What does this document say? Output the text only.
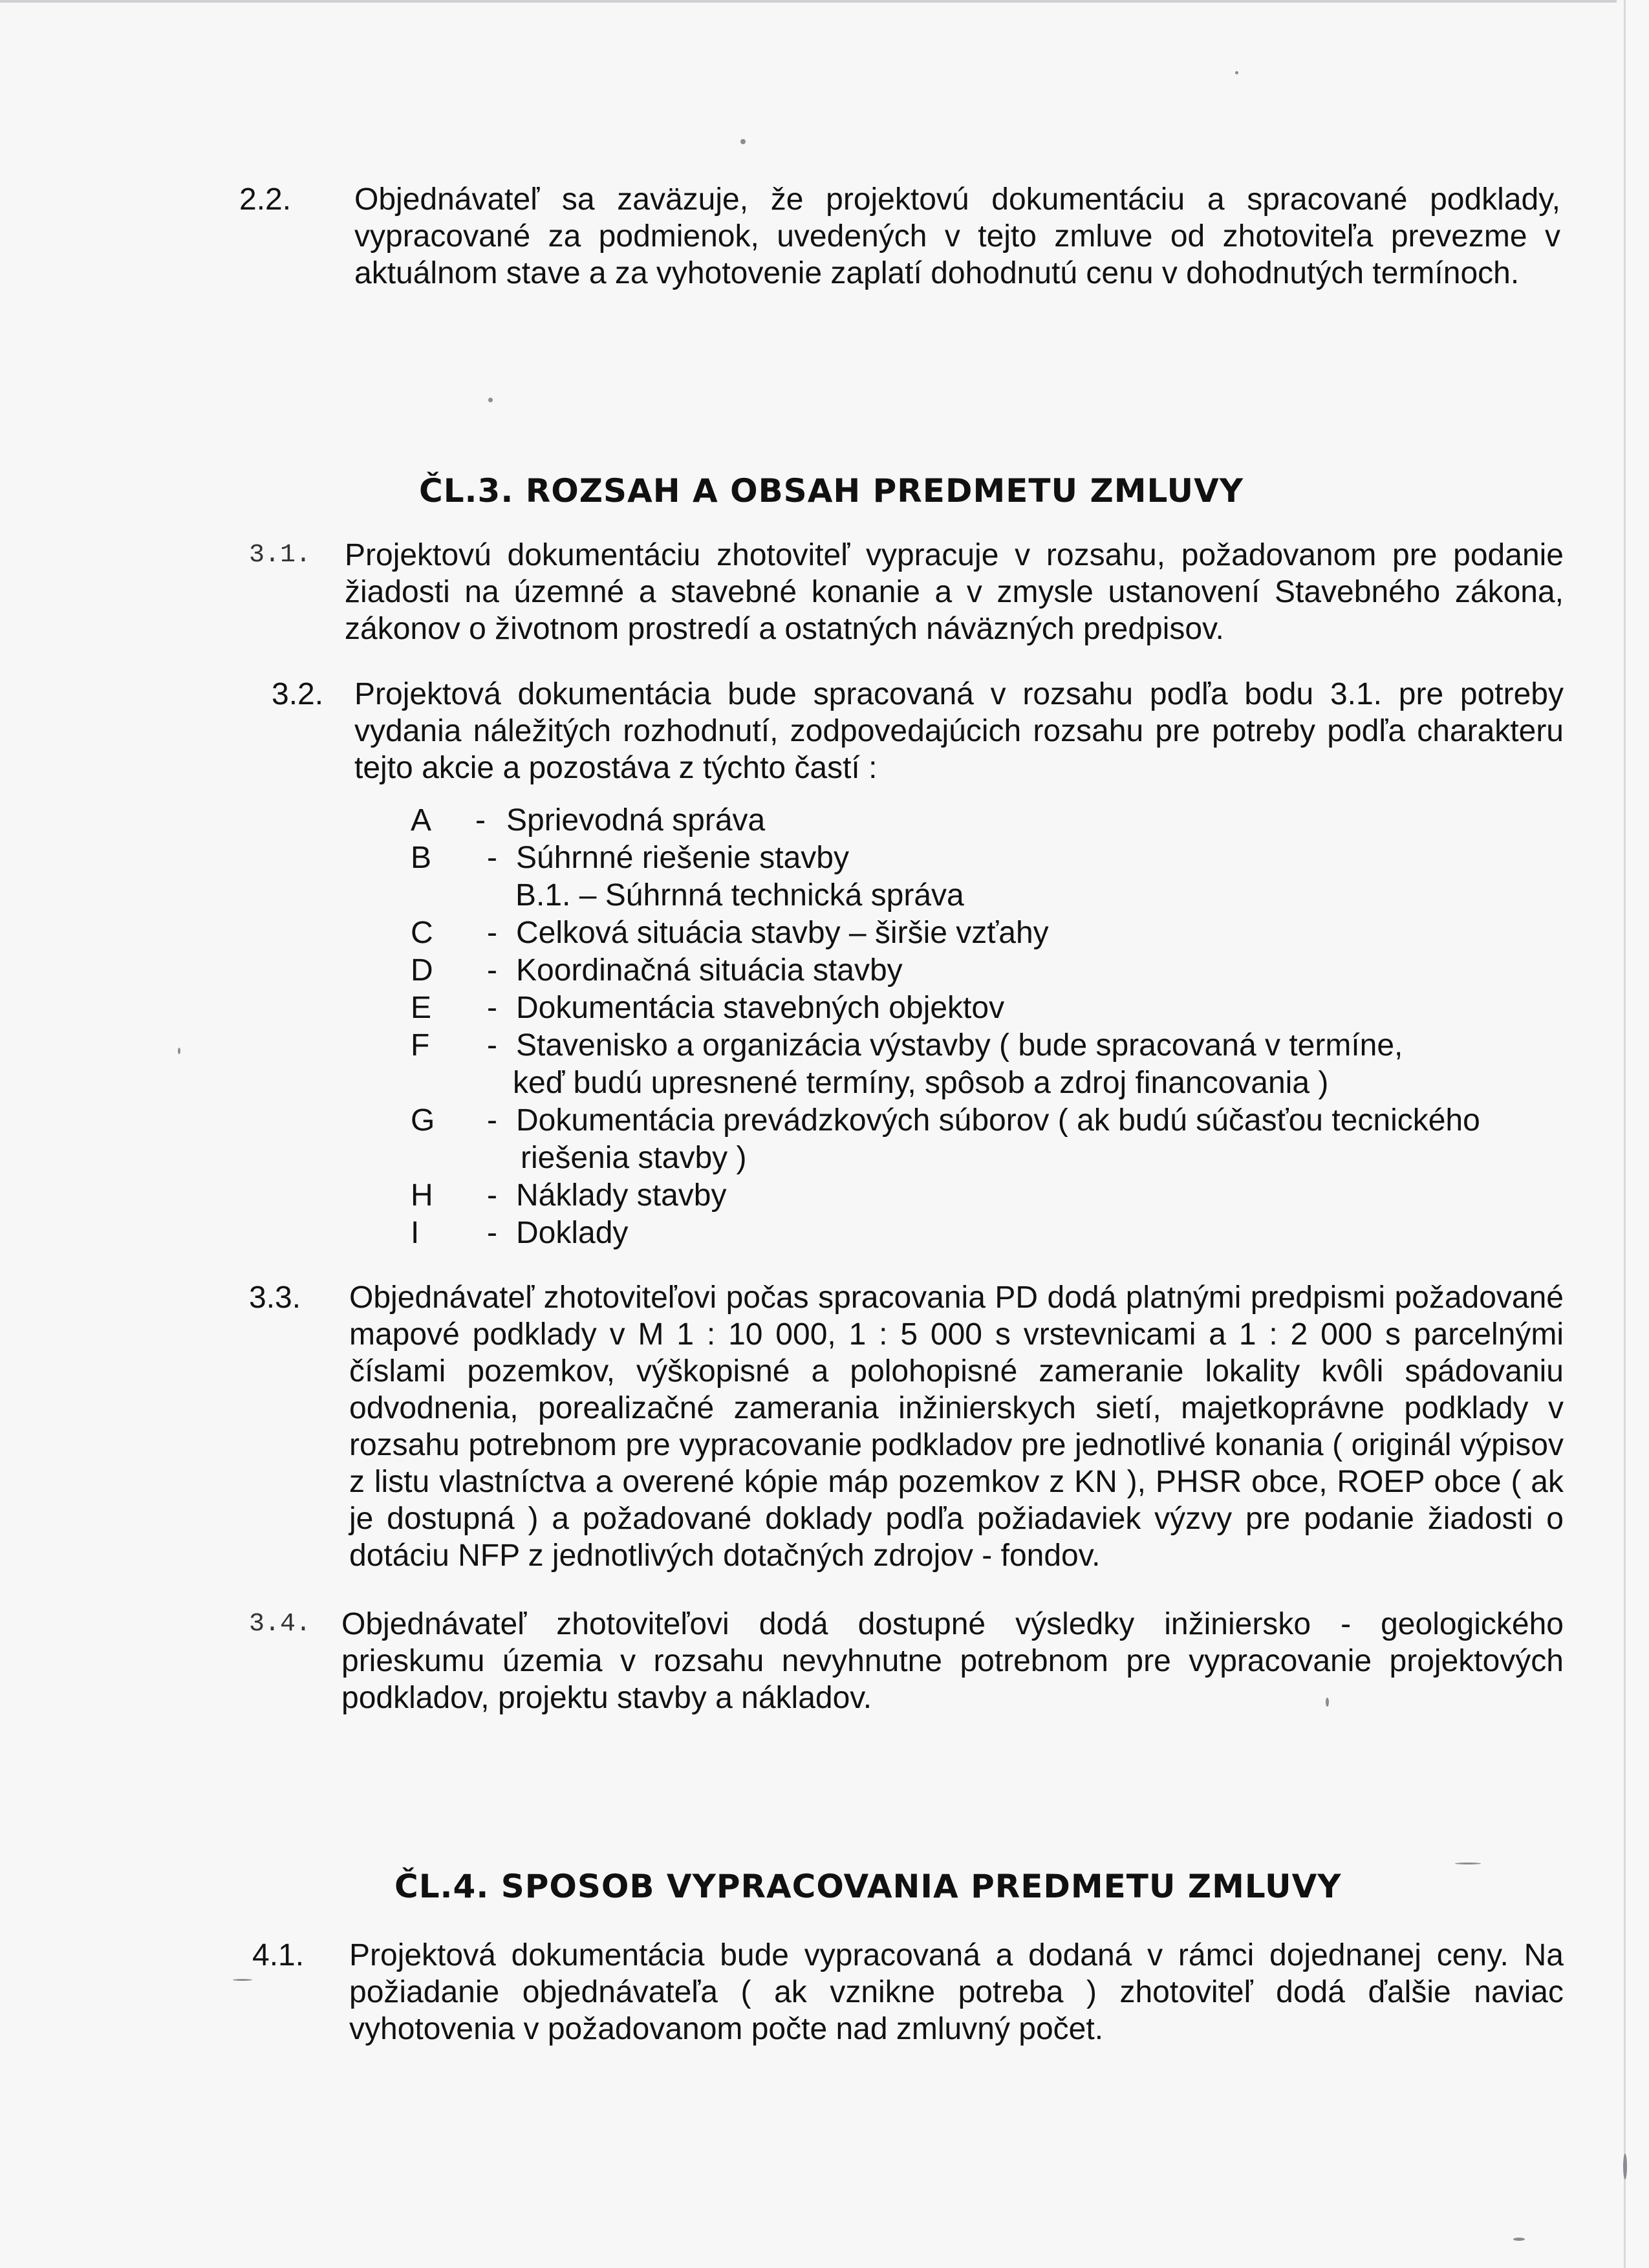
2.2. Objednávateľ sa zaväzuje, že projektovú dokumentáciu a spracované podklady, vypracované za podmienok, uvedených v tejto zmluve od zhotoviteľa prevezme v aktuálnom stave a za vyhotovenie zaplatí dohodnutú cenu v dohodnutých termínoch.
ČL.3. ROZSAH A OBSAH PREDMETU ZMLUVY
3.1. Projektovú dokumentáciu zhotoviteľ vypracuje v rozsahu, požadovanom pre podanie žiadosti na územné a stavebné konanie a v zmysle ustanovení Stavebného zákona, zákonov o životnom prostredí a ostatných náväzných predpisov.
3.2. Projektová dokumentácia bude spracovaná v rozsahu podľa bodu 3.1. pre potreby vydania náležitých rozhodnutí, zodpovedajúcich rozsahu pre potreby podľa charakteru tejto akcie a pozostáva z týchto častí :
A - Sprievodná správa
B - Súhrnné riešenie stavby
B.1. – Súhrnná technická správa
C - Celková situácia stavby – širšie vzťahy
D - Koordinačná situácia stavby
E - Dokumentácia stavebných objektov
F - Stavenisko a organizácia výstavby ( bude spracovaná v termíne,
keď budú upresnené termíny, spôsob a zdroj financovania )
G - Dokumentácia prevádzkových súborov ( ak budú súčasťou tecnického
riešenia stavby )
H - Náklady stavby
I - Doklady
3.3. Objednávateľ zhotoviteľovi počas spracovania PD dodá platnými predpismi požadované mapové podklady v M 1 : 10 000, 1 : 5 000 s vrstevnicami a 1 : 2 000 s parcelnými číslami pozemkov, výškopisné a polohopisné zameranie lokality kvôli spádovaniu odvodnenia, porealizačné zamerania inžinierskych sietí, majetkoprávne podklady v rozsahu potrebnom pre vypracovanie podkladov pre jednotlivé konania ( originál výpisov z listu vlastníctva a overené kópie máp pozemkov z KN ), PHSR obce, ROEP obce ( ak je dostupná ) a požadované doklady podľa požiadaviek výzvy pre podanie žiadosti o dotáciu NFP z jednotlivých dotačných zdrojov - fondov.
3.4. Objednávateľ zhotoviteľovi dodá dostupné výsledky inžiniersko - geologického prieskumu územia v rozsahu nevyhnutne potrebnom pre vypracovanie projektových podkladov, projektu stavby a nákladov.
ČL.4. SPOSOB VYPRACOVANIA PREDMETU ZMLUVY
4.1. Projektová dokumentácia bude vypracovaná a dodaná v rámci dojednanej ceny. Na požiadanie objednávateľa ( ak vznikne potreba ) zhotoviteľ dodá ďalšie naviac vyhotovenia v požadovanom počte nad zmluvný počet.
